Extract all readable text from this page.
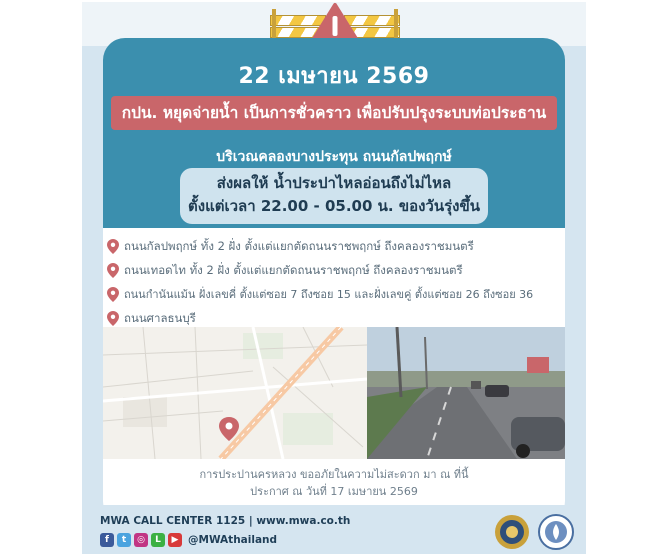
22 เมษายน 2569
กปน. หยุดจ่ายน้ำ เป็นการชั่วคราว เพื่อปรับปรุงระบบท่อประธาน
บริเวณคลองบางประทุน ถนนกัลปพฤกษ์
ส่งผลให้ น้ำประปาไหลอ่อนถึงไม่ไหล
ตั้งแต่เวลา 22.00 - 05.00 น. ของวันรุ่งขึ้น
ถนนกัลปพฤกษ์ ทั้ง 2 ฝั่ง ตั้งแต่แยกตัดถนนราชพฤกษ์ ถึงคลองราชมนตรี
ถนนเทอดไท ทั้ง 2 ฝั่ง ตั้งแต่แยกตัดถนนราชพฤกษ์ ถึงคลองราชมนตรี
ถนนกำนันแม้น ฝั่งเลขคี่ ตั้งแต่ซอย 7 ถึงซอย 15 และฝั่งเลขคู่ ตั้งแต่ซอย 26 ถึงซอย 36
ถนนศาลธนบุรี
การประปานครหลวง ขออภัยในความไม่สะดวก มา ณ ที่นี้
ประกาศ ณ วันที่ 17 เมษายน 2569
MWA CALL CENTER 1125 | www.mwa.co.th
f	t	◎	L	▶ @MWAthailand
